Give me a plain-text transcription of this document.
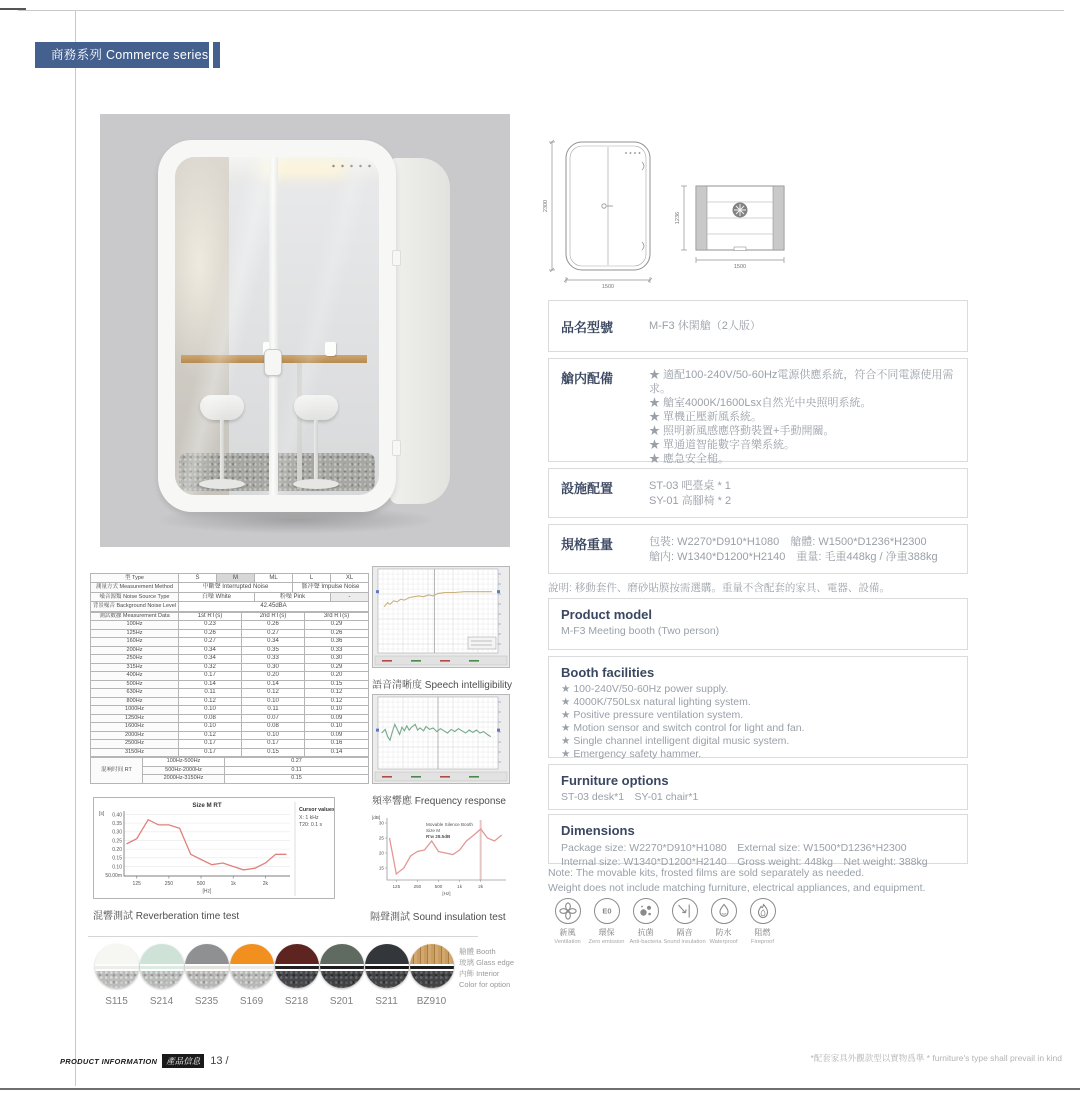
商務系列 Commerce series
2300
1500
1236
1500
品名型號	M-F3 休閑艙（2人版）
艙内配備	★ 適配100-240V/50-60Hz電源供應系統，符合不同電源使用需求。
★ 艙室4000K/1600Lsx自然光中央照明系統。
★ 單機正壓新風系統。
★ 照明新風感應啓動裝置+手動開關。
★ 單通道智能數字音樂系統。
★ 應急安全槌。
設施配置	ST-03 吧臺桌 * 1
SY-01 高腳椅 * 2
規格重量	包裝: W2270*D910*H1080　艙體: W1500*D1236*H2300
艙内: W1340*D1200*H2140　重量: 毛重448kg / 净重388kg
說明: 移動套件、磨砂貼膜按需選購。重量不含配套的家具、電器、設備。
Product model
M-F3 Meeting booth (Two person)
Booth facilities
★ 100-240V/50-60Hz power supply.
★ 4000K/750Lsx natural lighting system.
★ Positive pressure ventilation system.
★ Motion sensor and switch control for light and fan.
★ Single channel intelligent digital music system.
★ Emergency safety hammer.
Furniture options
ST-03 desk*1　SY-01 chair*1
Dimensions
Package size: W2270*D910*H1080　External size: W1500*D1236*H2300
Internal size: W1340*D1200*H2140　Gross weight: 448kg　Net weight: 388kg
Note: The movable kits, frosted films are sold separately as needed.
Weight does not include matching furniture, electrical appliances, and equipment.
新風
Ventilation
E0
環保
Zero emission
抗菌
Anti-bacteria
隔音
Sound insulation
防水
Waterproof
阻燃
Fireproof
型 Type	S	M	ML	L	XL
測量方式 Measurement Method	中斷聲 Interrupted Noise			脈冲聲 Impulse Noise	
噪音源類 Noise Source Type	白噪 White		粉噪 Pink		-
背景噪音 Background Noise Level	42.45dBA				
測試數據 Measurement Data	1st RT(s)	2nd RT(s)	3rd RT(s)
100Hz	0.23	0.26	0.29
125Hz	0.26	0.27	0.26
160Hz	0.27	0.34	0.36
200Hz	0.34	0.35	0.33
250Hz	0.34	0.33	0.30
315Hz	0.32	0.30	0.29
400Hz	0.17	0.20	0.20
500Hz	0.14	0.14	0.15
630Hz	0.11	0.12	0.12
800Hz	0.12	0.10	0.12
1000Hz	0.10	0.11	0.10
1250Hz	0.08	0.07	0.09
1600Hz	0.10	0.08	0.10
2000Hz	0.12	0.10	0.09
2500Hz	0.17	0.17	0.16
3150Hz	0.17	0.15	0.14
混响时间 RT	100Hz-500Hz	0.27
	500Hz-2000Hz	0.11
	2000Hz-3150Hz	0.15
語音清晰度 Speech intelligibility
頻率響應 Frequency response
Size M RT
[s] 0.40
0.35
0.30
0.25
0.20
0.15
0.10
50.00m
125	250	500	1k	2k
[Hz]
Cursor values
X: 1 kHz
T20: 0.1 s
混響測試 Reverberation time test
[dB]
30
25
20
15
125	250	500	1k	2k
[Hz]
Movable Silence Booth
Size M
R'w 28.5dB
隔聲測試 Sound insulation test
S115	S214	S235	S169	S218	S201	S211	BZ910
艙體 Booth
玻璃 Glass edge
内飾 Interior
Color for option
PRODUCT INFORMATION	產品信息 13 /	*配套家具外觀款型以實物爲準 * furniture's type shall prevail in kind
